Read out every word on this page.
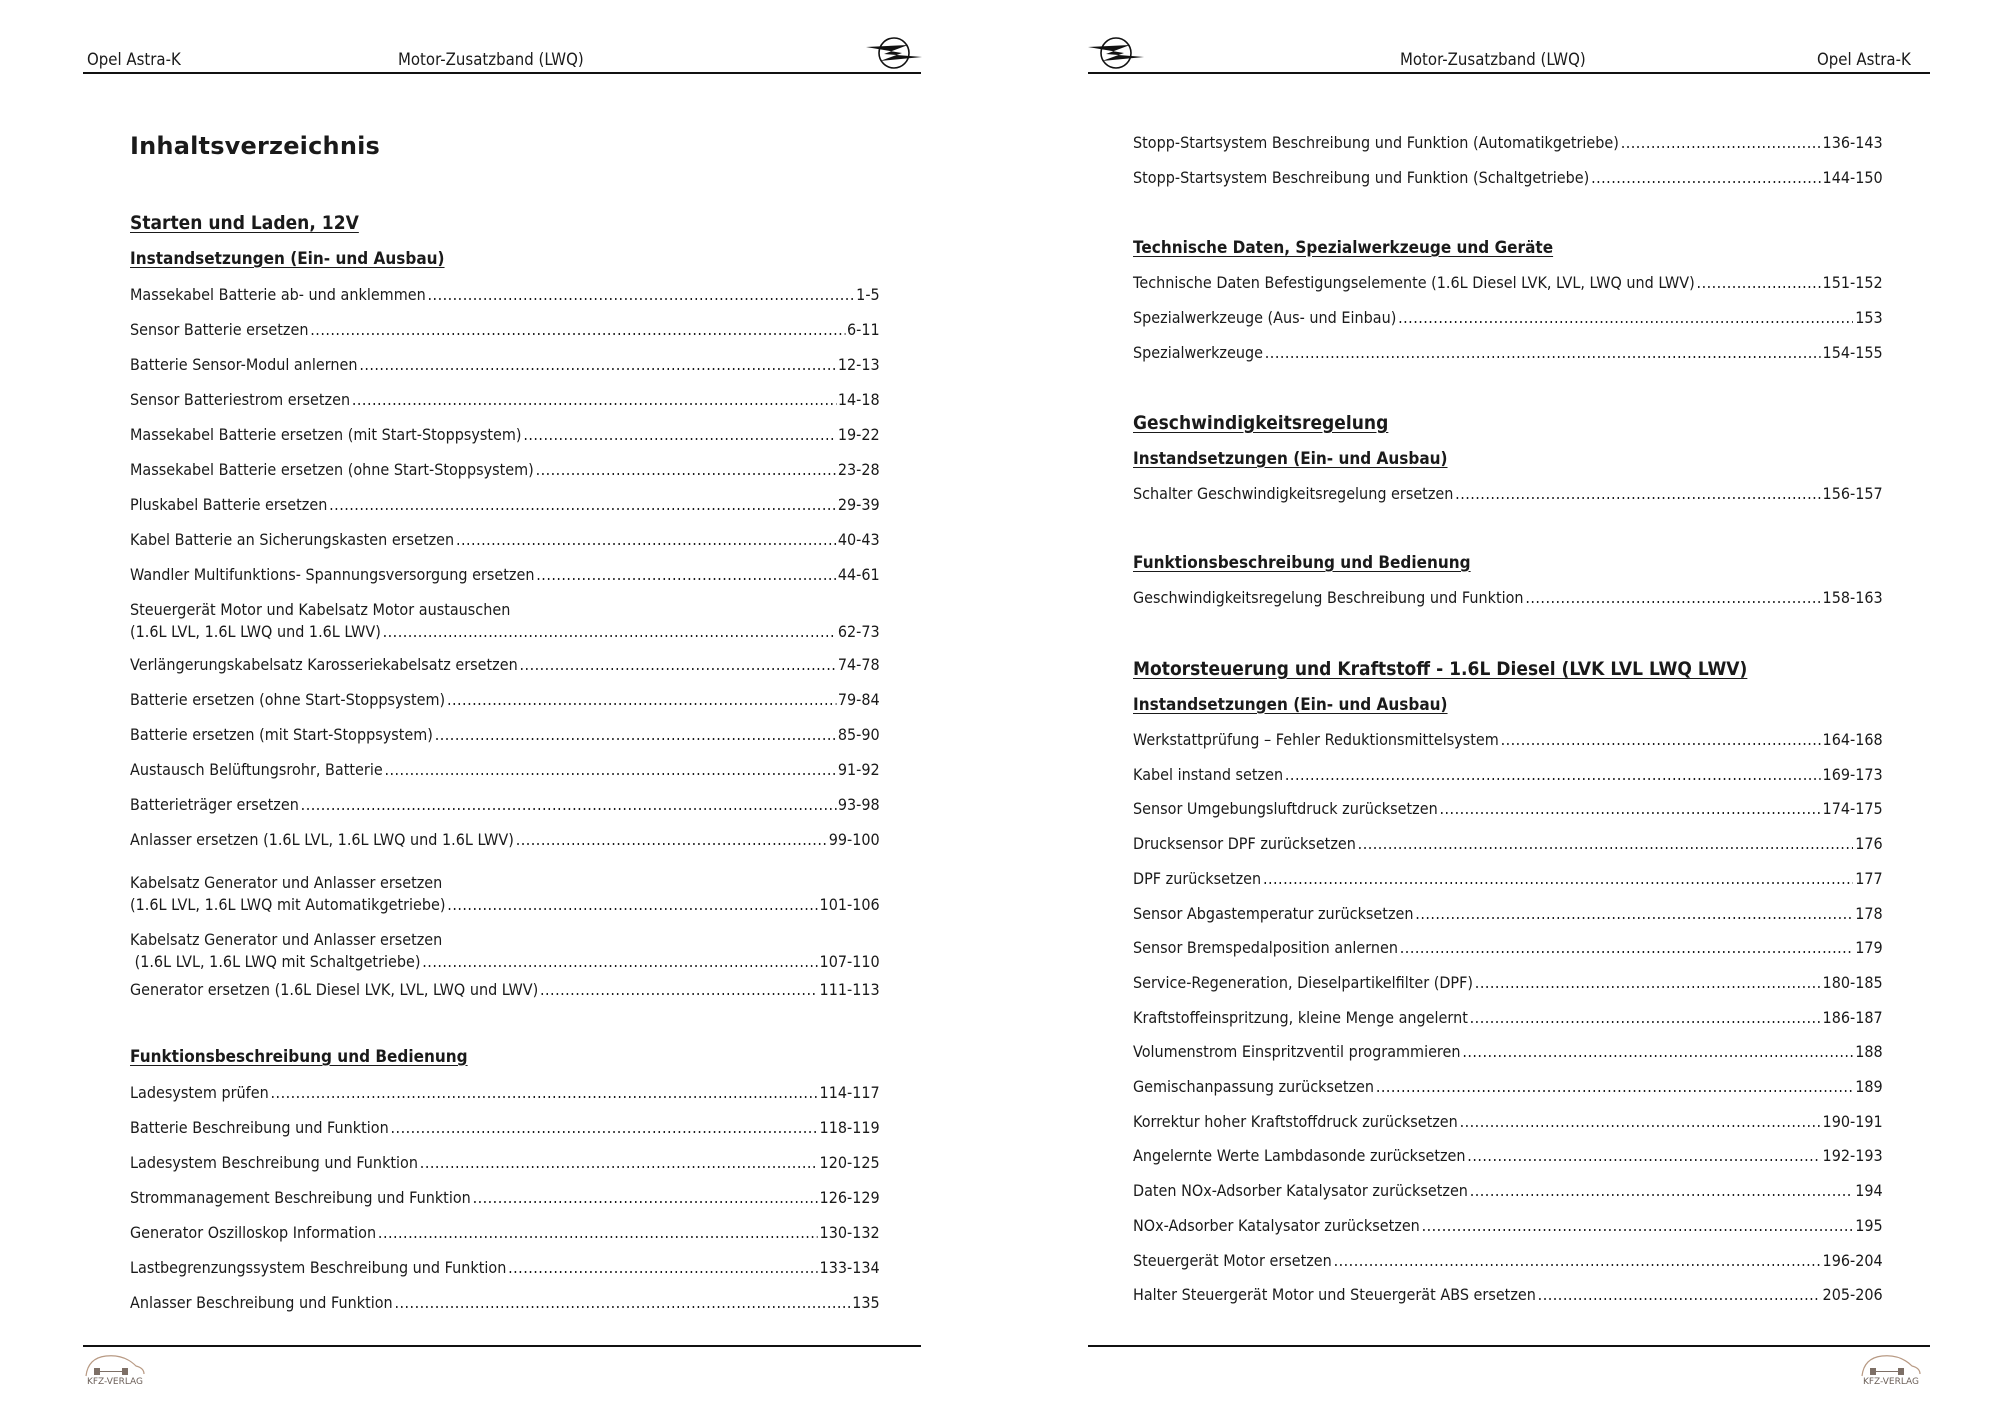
Opel Astra-K	Motor-Zusatzband (LWQ)
Inhaltsverzeichnis
Starten und Laden, 12V
Instandsetzungen (Ein- und Ausbau)
Massekabel Batterie ab- und anklemmen .....	1-5
Sensor Batterie ersetzen .....	6-11
Batterie Sensor-Modul anlernen .....	12-13
Sensor Batteriestrom ersetzen .....	14-18
Massekabel Batterie ersetzen (mit Start-Stoppsystem) .....	19-22
Massekabel Batterie ersetzen (ohne Start-Stoppsystem) .....	23-28
Pluskabel Batterie ersetzen .....	29-39
Kabel Batterie an Sicherungskasten ersetzen .....	40-43
Wandler Multifunktions- Spannungsversorgung ersetzen .....	44-61
Steuergerät Motor und Kabelsatz Motor austauschen
(1.6L LVL, 1.6L LWQ und 1.6L LWV) .....	62-73
Verlängerungskabelsatz Karosseriekabelsatz ersetzen .....	74-78
Batterie ersetzen (ohne Start-Stoppsystem) .....	79-84
Batterie ersetzen (mit Start-Stoppsystem) .....	85-90
Austausch Belüftungsrohr, Batterie .....	91-92
Batterieträger ersetzen .....	93-98
Anlasser ersetzen (1.6L LVL, 1.6L LWQ und 1.6L LWV) .....	99-100
Kabelsatz Generator und Anlasser ersetzen
(1.6L LVL, 1.6L LWQ mit Automatikgetriebe) .....	101-106
Kabelsatz Generator und Anlasser ersetzen
(1.6L LVL, 1.6L LWQ mit Schaltgetriebe) .....	107-110
Generator ersetzen (1.6L Diesel LVK, LVL, LWQ und LWV) .....	111-113
Funktionsbeschreibung und Bedienung
Ladesystem prüfen .....	114-117
Batterie Beschreibung und Funktion .....	118-119
Ladesystem Beschreibung und Funktion .....	120-125
Strommanagement Beschreibung und Funktion .....	126-129
Generator Oszilloskop Information .....	130-132
Lastbegrenzungssystem Beschreibung und Funktion .....	133-134
Anlasser Beschreibung und Funktion .....	135
KFZ-VERLAG
Motor-Zusatzband (LWQ)	Opel Astra-K
Stopp-Startsystem Beschreibung und Funktion (Automatikgetriebe) .....	136-143
Stopp-Startsystem Beschreibung und Funktion (Schaltgetriebe) .....	144-150
Technische Daten, Spezialwerkzeuge und Geräte
Technische Daten Befestigungselemente (1.6L Diesel LVK, LVL, LWQ und LWV) .....	151-152
Spezialwerkzeuge (Aus- und Einbau) .....	153
Spezialwerkzeuge .....	154-155
Geschwindigkeitsregelung
Instandsetzungen (Ein- und Ausbau)
Schalter Geschwindigkeitsregelung ersetzen .....	156-157
Funktionsbeschreibung und Bedienung
Geschwindigkeitsregelung Beschreibung und Funktion .....	158-163
Motorsteuerung und Kraftstoff - 1.6L Diesel (LVK LVL LWQ LWV)
Instandsetzungen (Ein- und Ausbau)
Werkstattprüfung – Fehler Reduktionsmittelsystem .....	164-168
Kabel instand setzen .....	169-173
Sensor Umgebungsluftdruck zurücksetzen .....	174-175
Drucksensor DPF zurücksetzen .....	176
DPF zurücksetzen .....	177
Sensor Abgastemperatur zurücksetzen .....	178
Sensor Bremspedalposition anlernen .....	179
Service-Regeneration, Dieselpartikelfilter (DPF) .....	180-185
Kraftstoffeinspritzung, kleine Menge angelernt .....	186-187
Volumenstrom Einspritzventil programmieren .....	188
Gemischanpassung zurücksetzen .....	189
Korrektur hoher Kraftstoffdruck zurücksetzen .....	190-191
Angelernte Werte Lambdasonde zurücksetzen .....	192-193
Daten NOx-Adsorber Katalysator zurücksetzen .....	194
NOx-Adsorber Katalysator zurücksetzen .....	195
Steuergerät Motor ersetzen .....	196-204
Halter Steuergerät Motor und Steuergerät ABS ersetzen .....	205-206
KFZ-VERLAG
